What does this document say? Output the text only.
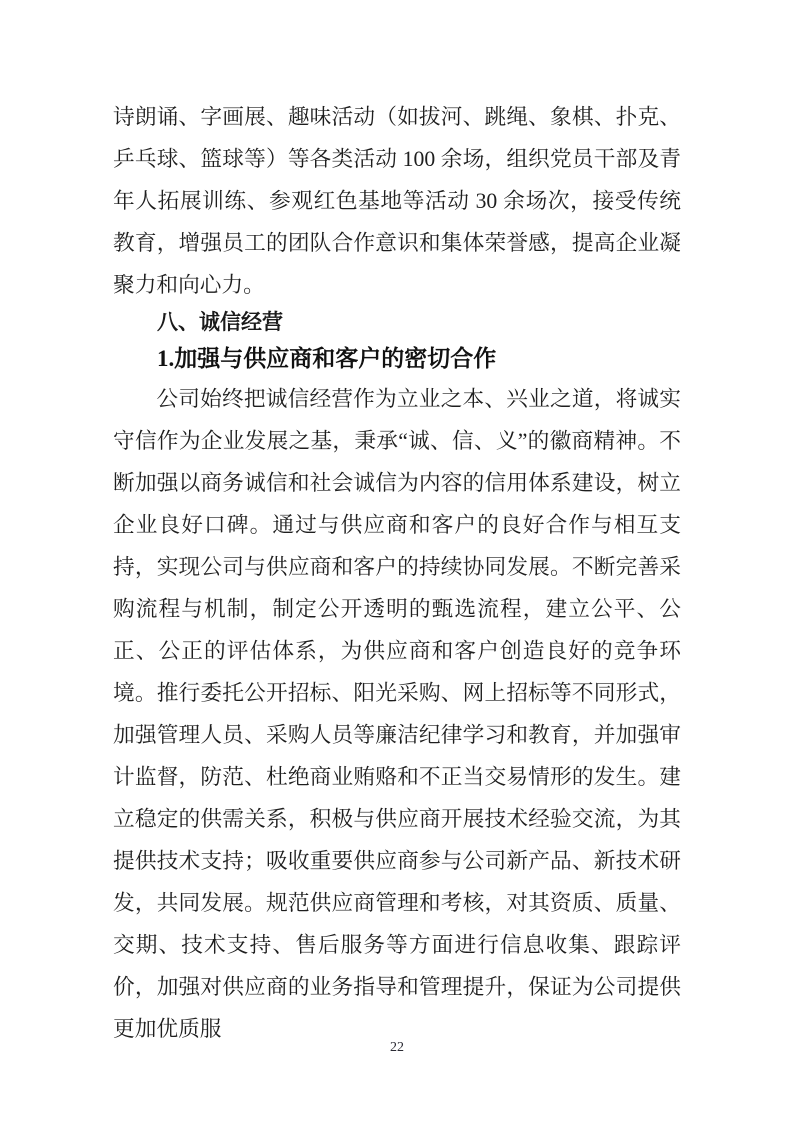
诗朗诵、字画展、趣味活动（如拔河、跳绳、象棋、扑克、乒乓球、篮球等）等各类活动 100 余场，组织党员干部及青年人拓展训练、参观红色基地等活动 30 余场次，接受传统教育，增强员工的团队合作意识和集体荣誉感，提高企业凝聚力和向心力。

八、诚信经营
1.加强与供应商和客户的密切合作

公司始终把诚信经营作为立业之本、兴业之道，将诚实守信作为企业发展之基，秉承“诚、信、义”的徽商精神。不断加强以商务诚信和社会诚信为内容的信用体系建设，树立企业良好口碑。通过与供应商和客户的良好合作与相互支持，实现公司与供应商和客户的持续协同发展。不断完善采购流程与机制，制定公开透明的甄选流程，建立公平、公正、公正的评估体系，为供应商和客户创造良好的竞争环境。推行委托公开招标、阳光采购、网上招标等不同形式，加强管理人员、采购人员等廉洁纪律学习和教育，并加强审计监督，防范、杜绝商业贿赂和不正当交易情形的发生。建立稳定的供需关系，积极与供应商开展技术经验交流，为其提供技术支持；吸收重要供应商参与公司新产品、新技术研发，共同发展。规范供应商管理和考核，对其资质、质量、交期、技术支持、售后服务等方面进行信息收集、跟踪评价，加强对供应商的业务指导和管理提升，保证为公司提供更加优质服

22
